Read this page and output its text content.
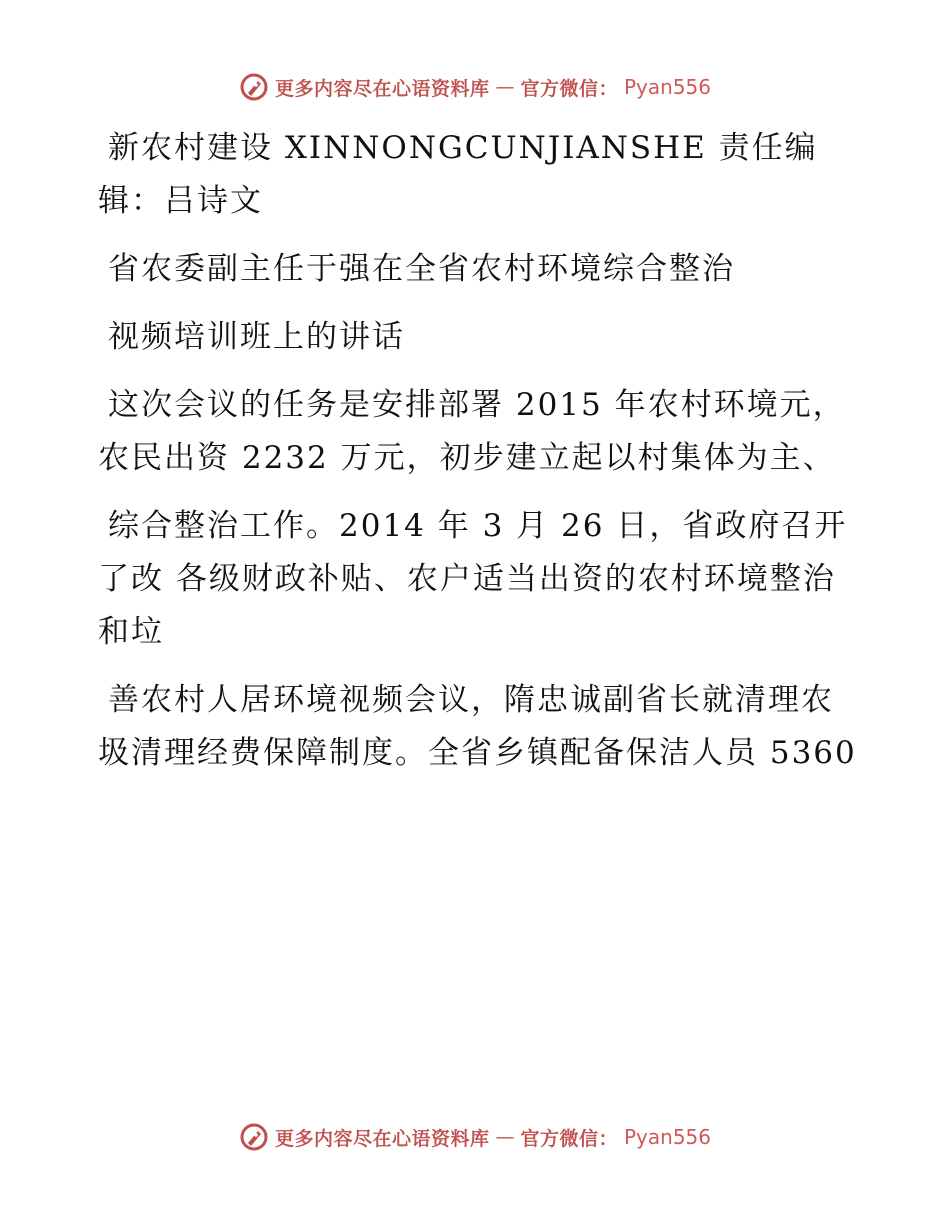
更多内容尽在心语资料库 — 官方微信： Pyan556

新农村建设 XINNONGCUNJIANSHE 责任编辑：吕诗文

省农委副主任于强在全省农村环境综合整治

视频培训班上的讲话

这次会议的任务是安排部署 2015 年农村环境元，农民出资 2232 万元，初步建立起以村集体为主、

综合整治工作。2014 年 3 月 26 日，省政府召开了改 各级财政补贴、农户适当出资的农村环境整治和垃

善农村人居环境视频会议，隋忠诚副省长就清理农 圾清理经费保障制度。全省乡镇配备保洁人员 5360

更多内容尽在心语资料库 — 官方微信： Pyan556
